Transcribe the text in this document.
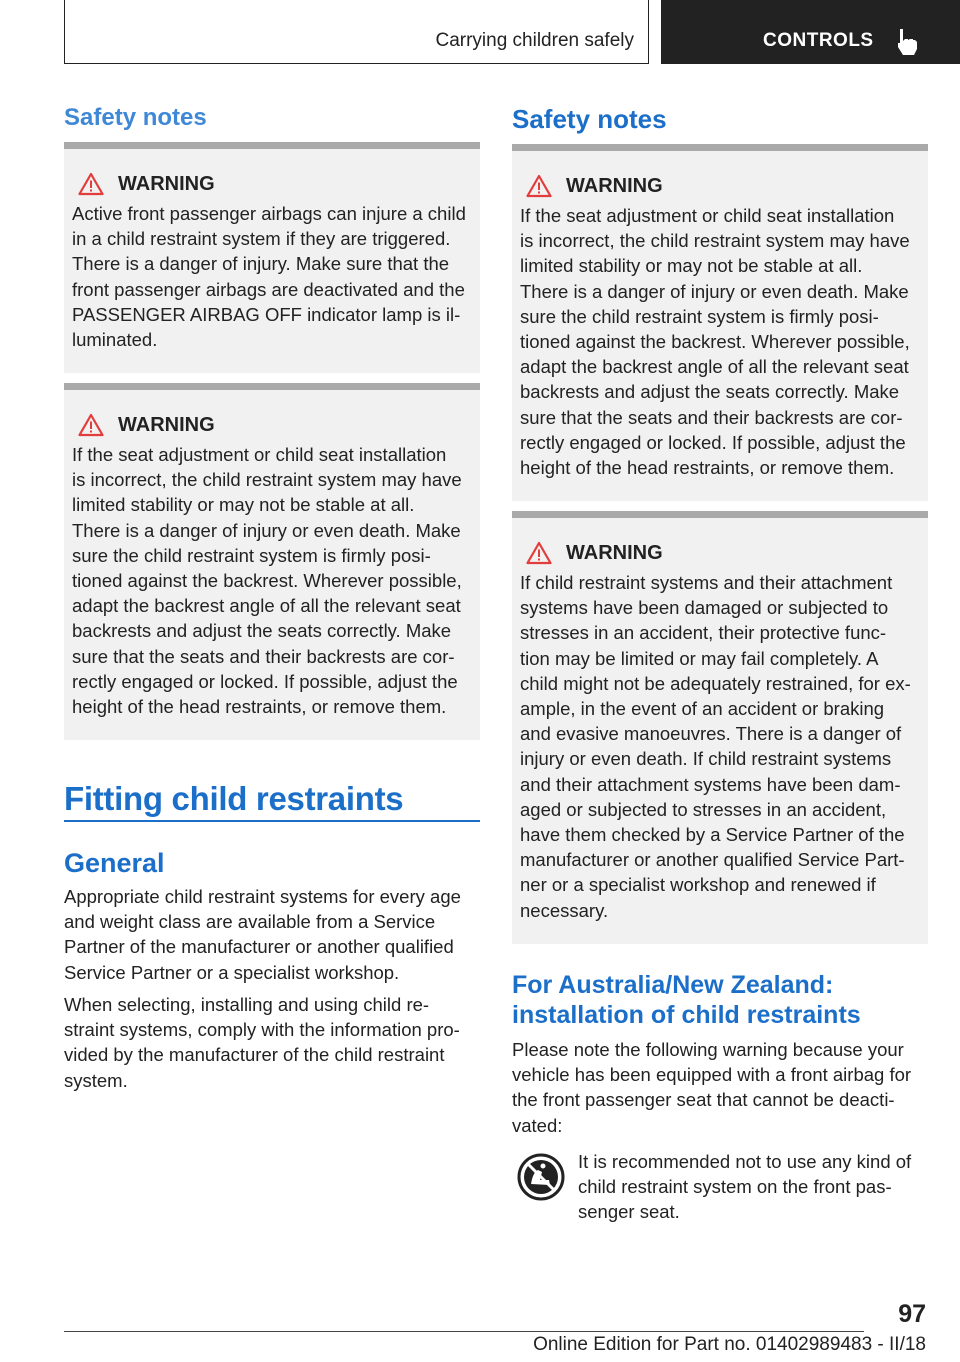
Carrying children safely	CONTROLS
Safety notes
WARNING
Active front passenger airbags can injure a child
in a child restraint system if they are triggered.
There is a danger of injury. Make sure that the
front passenger airbags are deactivated and the
PASSENGER AIRBAG OFF indicator lamp is il-
luminated.
WARNING
If the seat adjustment or child seat installation
is incorrect, the child restraint system may have
limited stability or may not be stable at all.
There is a danger of injury or even death. Make
sure the child restraint system is firmly posi-
tioned against the backrest. Wherever possible,
adapt the backrest angle of all the relevant seat
backrests and adjust the seats correctly. Make
sure that the seats and their backrests are cor-
rectly engaged or locked. If possible, adjust the
height of the head restraints, or remove them.
Fitting child restraints
General
Appropriate child restraint systems for every age
and weight class are available from a Service
Partner of the manufacturer or another qualified
Service Partner or a specialist workshop.
When selecting, installing and using child re-
straint systems, comply with the information pro-
vided by the manufacturer of the child restraint
system.
Safety notes
WARNING
If the seat adjustment or child seat installation
is incorrect, the child restraint system may have
limited stability or may not be stable at all.
There is a danger of injury or even death. Make
sure the child restraint system is firmly posi-
tioned against the backrest. Wherever possible,
adapt the backrest angle of all the relevant seat
backrests and adjust the seats correctly. Make
sure that the seats and their backrests are cor-
rectly engaged or locked. If possible, adjust the
height of the head restraints, or remove them.
WARNING
If child restraint systems and their attachment
systems have been damaged or subjected to
stresses in an accident, their protective func-
tion may be limited or may fail completely. A
child might not be adequately restrained, for ex-
ample, in the event of an accident or braking
and evasive manoeuvres. There is a danger of
injury or even death. If child restraint systems
and their attachment systems have been dam-
aged or subjected to stresses in an accident,
have them checked by a Service Partner of the
manufacturer or another qualified Service Part-
ner or a specialist workshop and renewed if
necessary.
For Australia/New Zealand:
installation of child restraints
Please note the following warning because your
vehicle has been equipped with a front airbag for
the front passenger seat that cannot be deacti-
vated:
It is recommended not to use any kind of
child restraint system on the front pas-
senger seat.
97
Online Edition for Part no. 01402989483 - II/18
